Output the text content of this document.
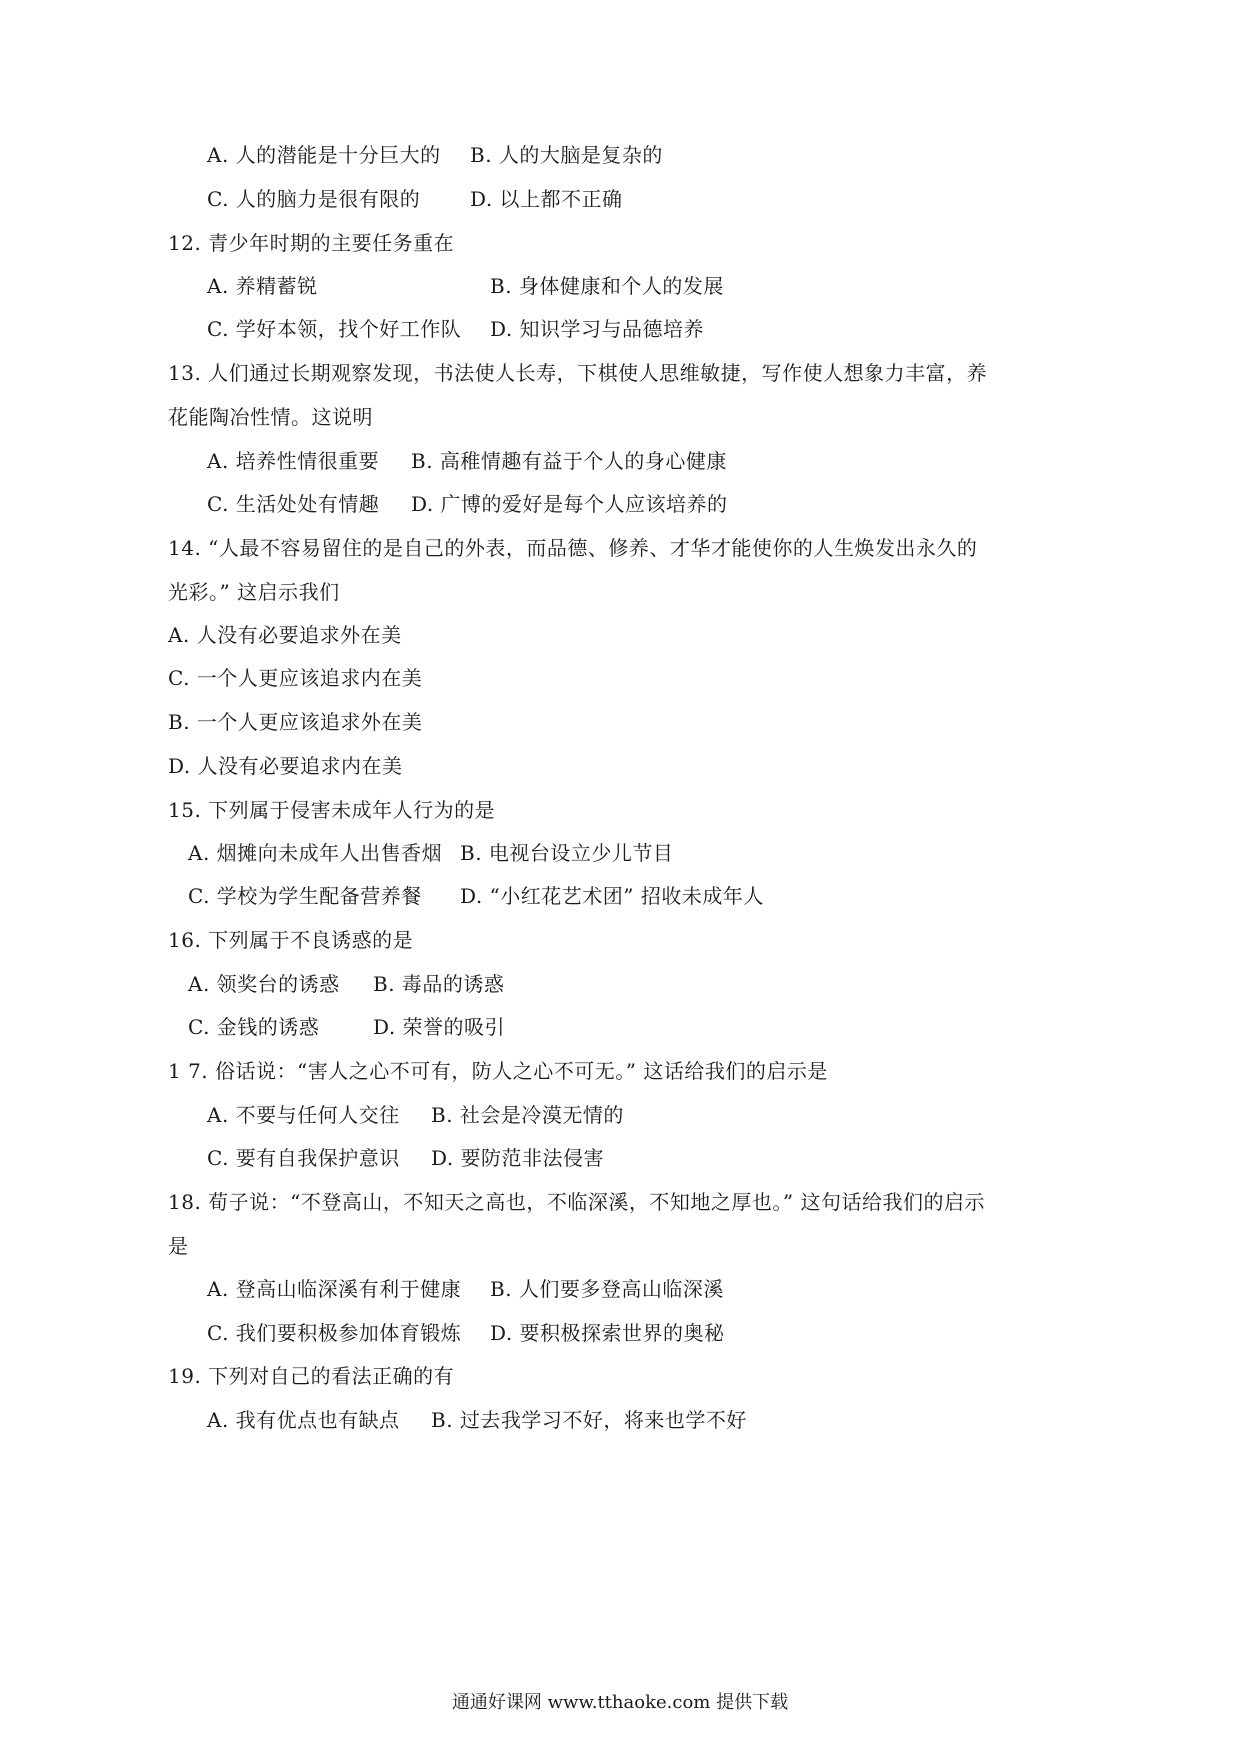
A. 人的潜能是十分巨大的 B. 人的大脑是复杂的
C. 人的脑力是很有限的 D. 以上都不正确
12. 青少年时期的主要任务重在
A. 养精蓄锐	B. 身体健康和个人的发展
C. 学好本领，找个好工作队 D. 知识学习与品德培养
13. 人们通过长期观察发现，书法使人长寿，下棋使人思维敏捷，写作使人想象力丰富，养
花能陶冶性情。这说明
A. 培养性情很重要 B. 高稚情趣有益于个人的身心健康
C. 生活处处有情趣 D. 广博的爱好是每个人应该培养的
14. “人最不容易留住的是自己的外表，而品德、修养、才华才能使你的人生焕发出永久的
光彩。” 这启示我们
A. 人没有必要追求外在美
C. 一个人更应该追求内在美
B. 一个人更应该追求外在美
D. 人没有必要追求内在美
15. 下列属于侵害未成年人行为的是
A. 烟摊向未成年人出售香烟 B. 电视台设立少儿节目
C. 学校为学生配备营养餐 D. “小红花艺术团” 招收未成年人
16. 下列属于不良诱惑的是
A. 领奖台的诱惑 B. 毒品的诱惑
C. 金钱的诱惑	D. 荣誉的吸引
1 7. 俗话说：“害人之心不可有，防人之心不可无。” 这话给我们的启示是
A. 不要与任何人交往 B. 社会是冷漠无情的
C. 要有自我保护意识 D. 要防范非法侵害
18. 荀子说：“不登高山，不知天之高也，不临深溪，不知地之厚也。” 这句话给我们的启示
是
A. 登高山临深溪有利于健康 B. 人们要多登高山临深溪
C. 我们要积极参加体育锻炼 D. 要积极探索世界的奥秘
19. 下列对自己的看法正确的有
A. 我有优点也有缺点 B. 过去我学习不好，将来也学不好
通通好课网 www.tthaoke.com 提供下载
